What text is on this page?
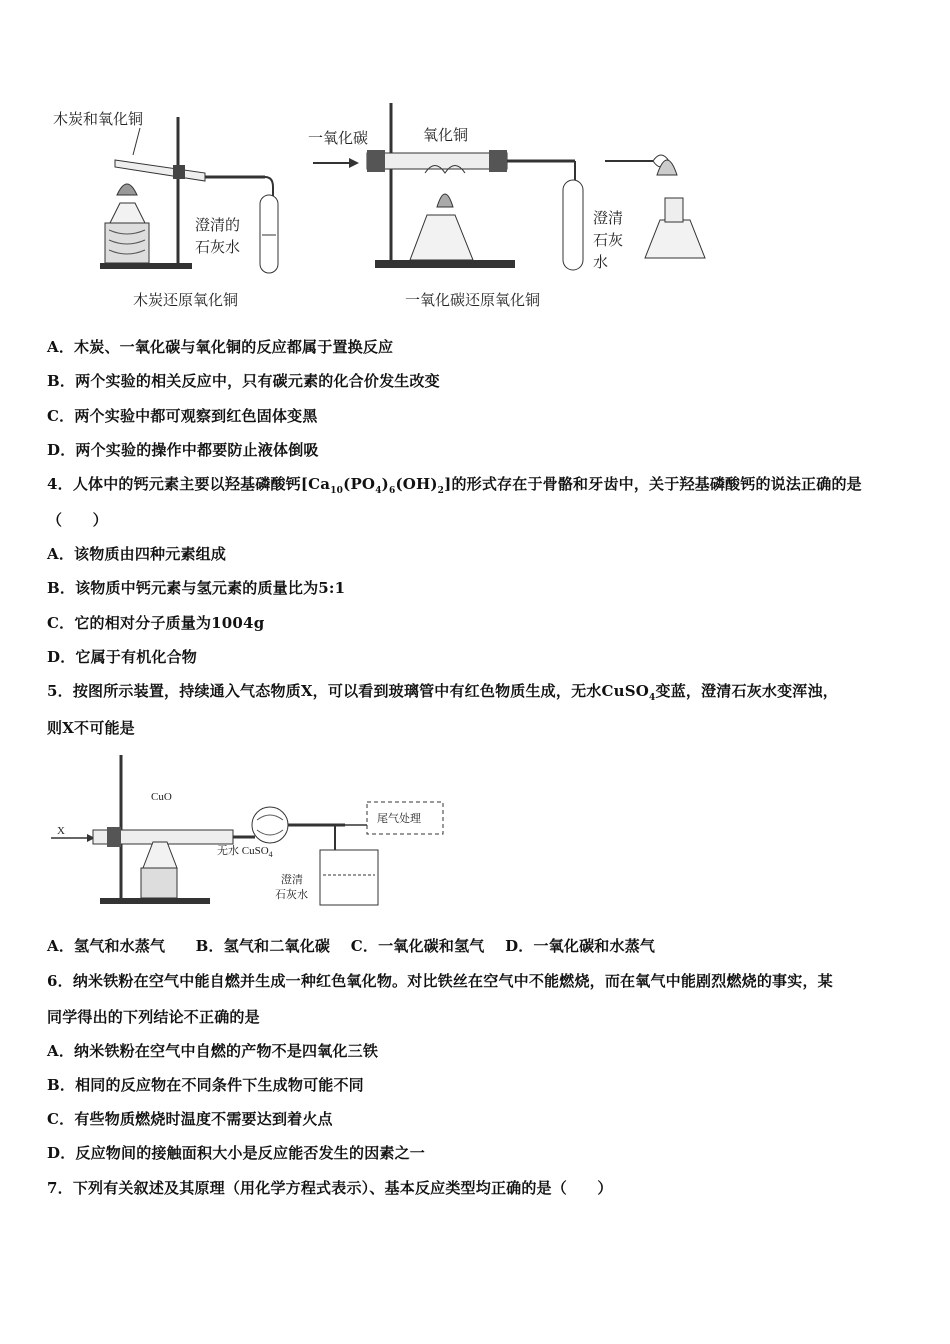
木炭和氧化铜
澄清的
石灰水
木炭还原氧化铜
一氧化碳	氧化铜
澄清
石灰
水
一氧化碳还原氧化铜
A．木炭、一氧化碳与氧化铜的反应都属于置换反应
B．两个实验的相关反应中，只有碳元素的化合价发生改变
C．两个实验中都可观察到红色固体变黑
D．两个实验的操作中都要防止液体倒吸
4．人体中的钙元素主要以羟基磷酸钙$[Ca_{10}(PO_4)_6(OH)_2]$的形式存在于骨骼和牙齿中，关于羟基磷酸钙的说法正确的是
（　　）
A．该物质由四种元素组成
B．该物质中钙元素与氢元素的质量比为5:1
C．它的相对分子质量为1004g
D．它属于有机化合物
5．按图所示装置，持续通入气态物质X，可以看到玻璃管中有红色物质生成，无水CuSO$_4$变蓝，澄清石灰水变浑浊，
则X不可能是
X
CuO
无水 CuSO$_4$
尾气处理
澄清
石灰水
A．氢气和水蒸气　　B．氢气和二氧化碳　 C．一氧化碳和氢气　 D．一氧化碳和水蒸气
6．纳米铁粉在空气中能自燃并生成一种红色氧化物。对比铁丝在空气中不能燃烧，而在氧气中能剧烈燃烧的事实，某
同学得出的下列结论不正确的是
A．纳米铁粉在空气中自燃的产物不是四氧化三铁
B．相同的反应物在不同条件下生成物可能不同
C．有些物质燃烧时温度不需要达到着火点
D．反应物间的接触面积大小是反应能否发生的因素之一
7．下列有关叙述及其原理（用化学方程式表示）、基本反应类型均正确的是（　　）
